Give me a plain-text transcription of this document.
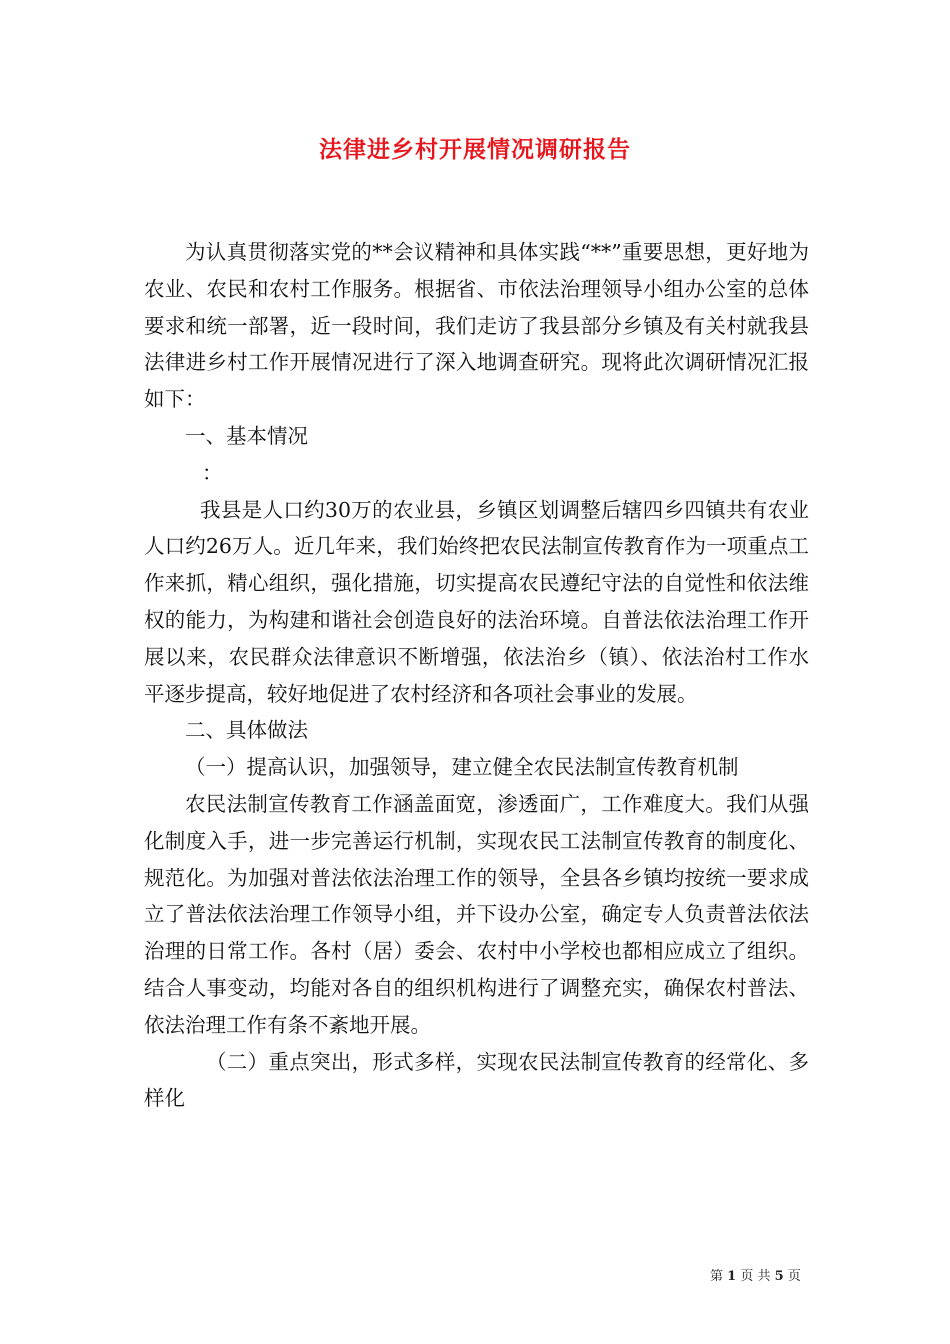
法律进乡村开展情况调研报告

为认真贯彻落实党的**会议精神和具体实践“**”重要思想，更好地为农业、农民和农村工作服务。根据省、市依法治理领导小组办公室的总体要求和统一部署，近一段时间，我们走访了我县部分乡镇及有关村就我县法律进乡村工作开展情况进行了深入地调查研究。现将此次调研情况汇报如下：

一、基本情况

：

我县是人口约30万的农业县，乡镇区划调整后辖四乡四镇共有农业人口约26万人。近几年来，我们始终把农民法制宣传教育作为一项重点工作来抓，精心组织，强化措施，切实提高农民遵纪守法的自觉性和依法维权的能力，为构建和谐社会创造良好的法治环境。自普法依法治理工作开展以来，农民群众法律意识不断增强，依法治乡（镇）、依法治村工作水平逐步提高，较好地促进了农村经济和各项社会事业的发展。

二、具体做法

（一）提高认识，加强领导，建立健全农民法制宣传教育机制

农民法制宣传教育工作涵盖面宽，渗透面广，工作难度大。我们从强化制度入手，进一步完善运行机制，实现农民工法制宣传教育的制度化、规范化。为加强对普法依法治理工作的领导，全县各乡镇均按统一要求成立了普法依法治理工作领导小组，并下设办公室，确定专人负责普法依法治理的日常工作。各村（居）委会、农村中小学校也都相应成立了组织。结合人事变动，均能对各自的组织机构进行了调整充实，确保农村普法、依法治理工作有条不紊地开展。

（二）重点突出，形式多样，实现农民法制宣传教育的经常化、多样化

第 1 页 共 5 页
